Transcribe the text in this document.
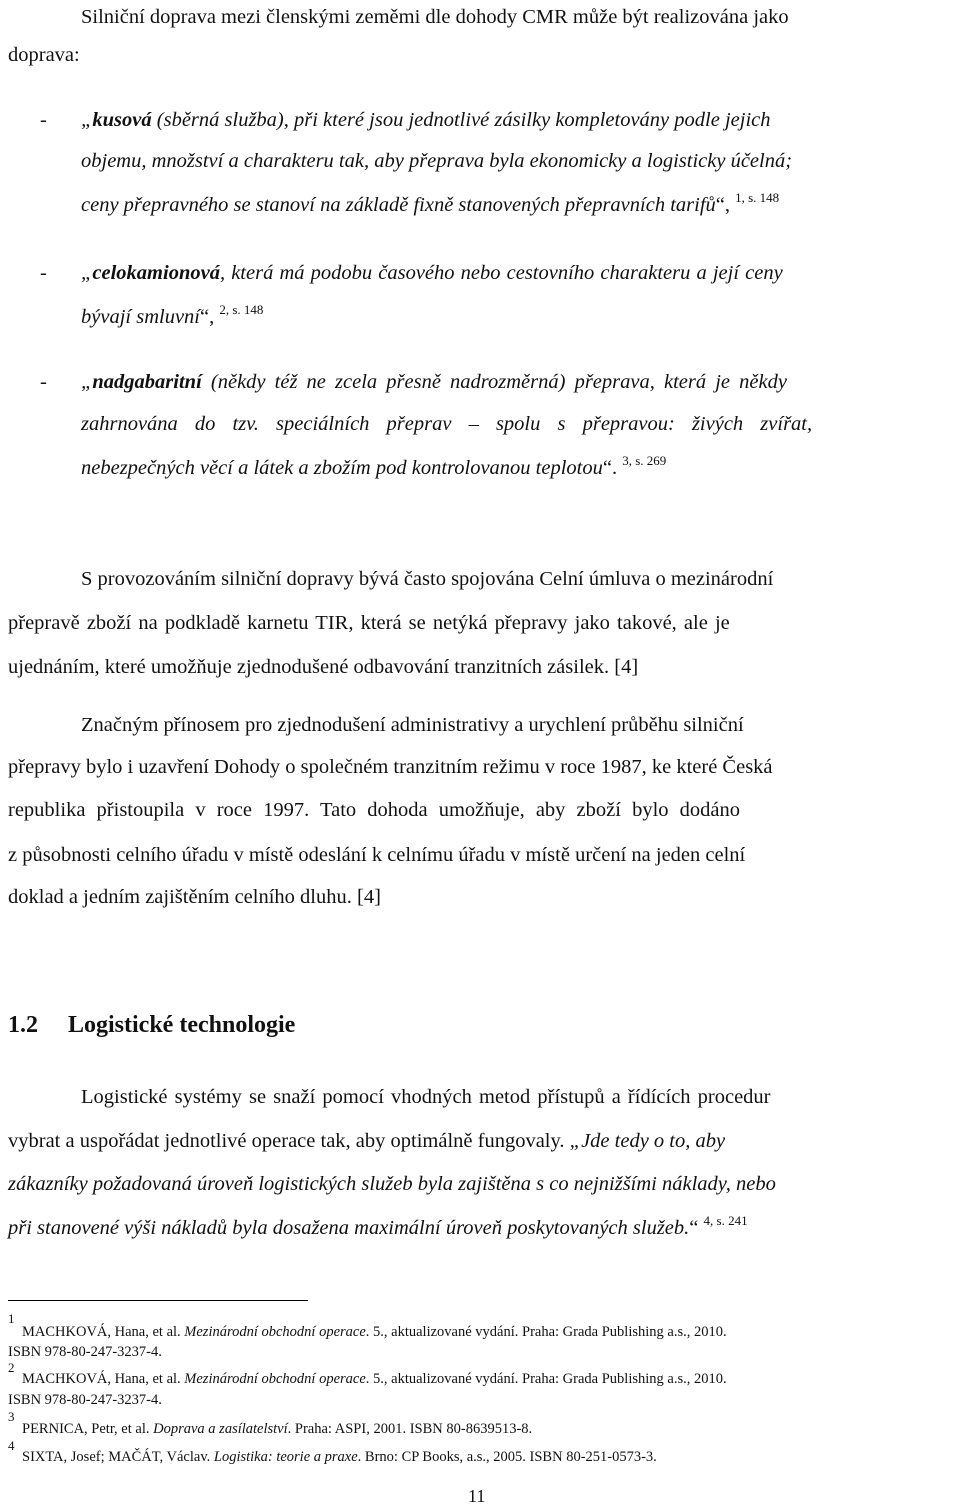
Silniční doprava mezi členskými zeměmi dle dohody CMR může být realizována jako
doprava:
- „kusová (sběrná služba), při které jsou jednotlivé zásilky kompletovány podle jejich
objemu, množství a charakteru tak, aby přeprava byla ekonomicky a logisticky účelná;
ceny přepravného se stanoví na základě fixně stanovených přepravních tarifů“, $^{1, s. 148}$
- „celokamionová, která má podobu časového nebo cestovního charakteru a její ceny
bývají smluvní“, $^{2, s. 148}$
- „nadgabaritní (někdy též ne zcela přesně nadrozměrná) přeprava, která je někdy
zahrnována do tzv. speciálních přeprav – spolu s přepravou: živých zvířat,
nebezpečných věcí a látek a zbožím pod kontrolovanou teplotou“. $^{3, s. 269}$
S provozováním silniční dopravy bývá často spojována Celní úmluva o mezinárodní
přepravě zboží na podkladě karnetu TIR, která se netýká přepravy jako takové, ale je
ujednáním, které umožňuje zjednodušené odbavování tranzitních zásilek. [4]
Značným přínosem pro zjednodušení administrativy a urychlení průběhu silniční
přepravy bylo i uzavření Dohody o společném tranzitním režimu v roce 1987, ke které Česká
republika přistoupila v roce 1997. Tato dohoda umožňuje, aby zboží bylo dodáno
z působnosti celního úřadu v místě odeslání k celnímu úřadu v místě určení na jeden celní
doklad a jedním zajištěním celního dluhu. [4]
1.2 Logistické technologie
Logistické systémy se snaží pomocí vhodných metod přístupů a řídících procedur
vybrat a uspořádat jednotlivé operace tak, aby optimálně fungovaly. „Jde tedy o to, aby
zákazníky požadovaná úroveň logistických služeb byla zajištěna s co nejnižšími náklady, nebo
při stanovené výši nákladů byla dosažena maximální úroveň poskytovaných služeb.“ $^{4, s. 241}$
1
MACHKOVÁ, Hana, et al. Mezinárodní obchodní operace. 5., aktualizované vydání. Praha: Grada Publishing a.s., 2010.
ISBN 978-80-247-3237-4.
2
MACHKOVÁ, Hana, et al. Mezinárodní obchodní operace. 5., aktualizované vydání. Praha: Grada Publishing a.s., 2010.
ISBN 978-80-247-3237-4.
3
PERNICA, Petr, et al. Doprava a zasílatelství. Praha: ASPI, 2001. ISBN 80-8639513-8.
4
SIXTA, Josef; MAČÁT, Václav. Logistika: teorie a praxe. Brno: CP Books, a.s., 2005. ISBN 80-251-0573-3.
11
